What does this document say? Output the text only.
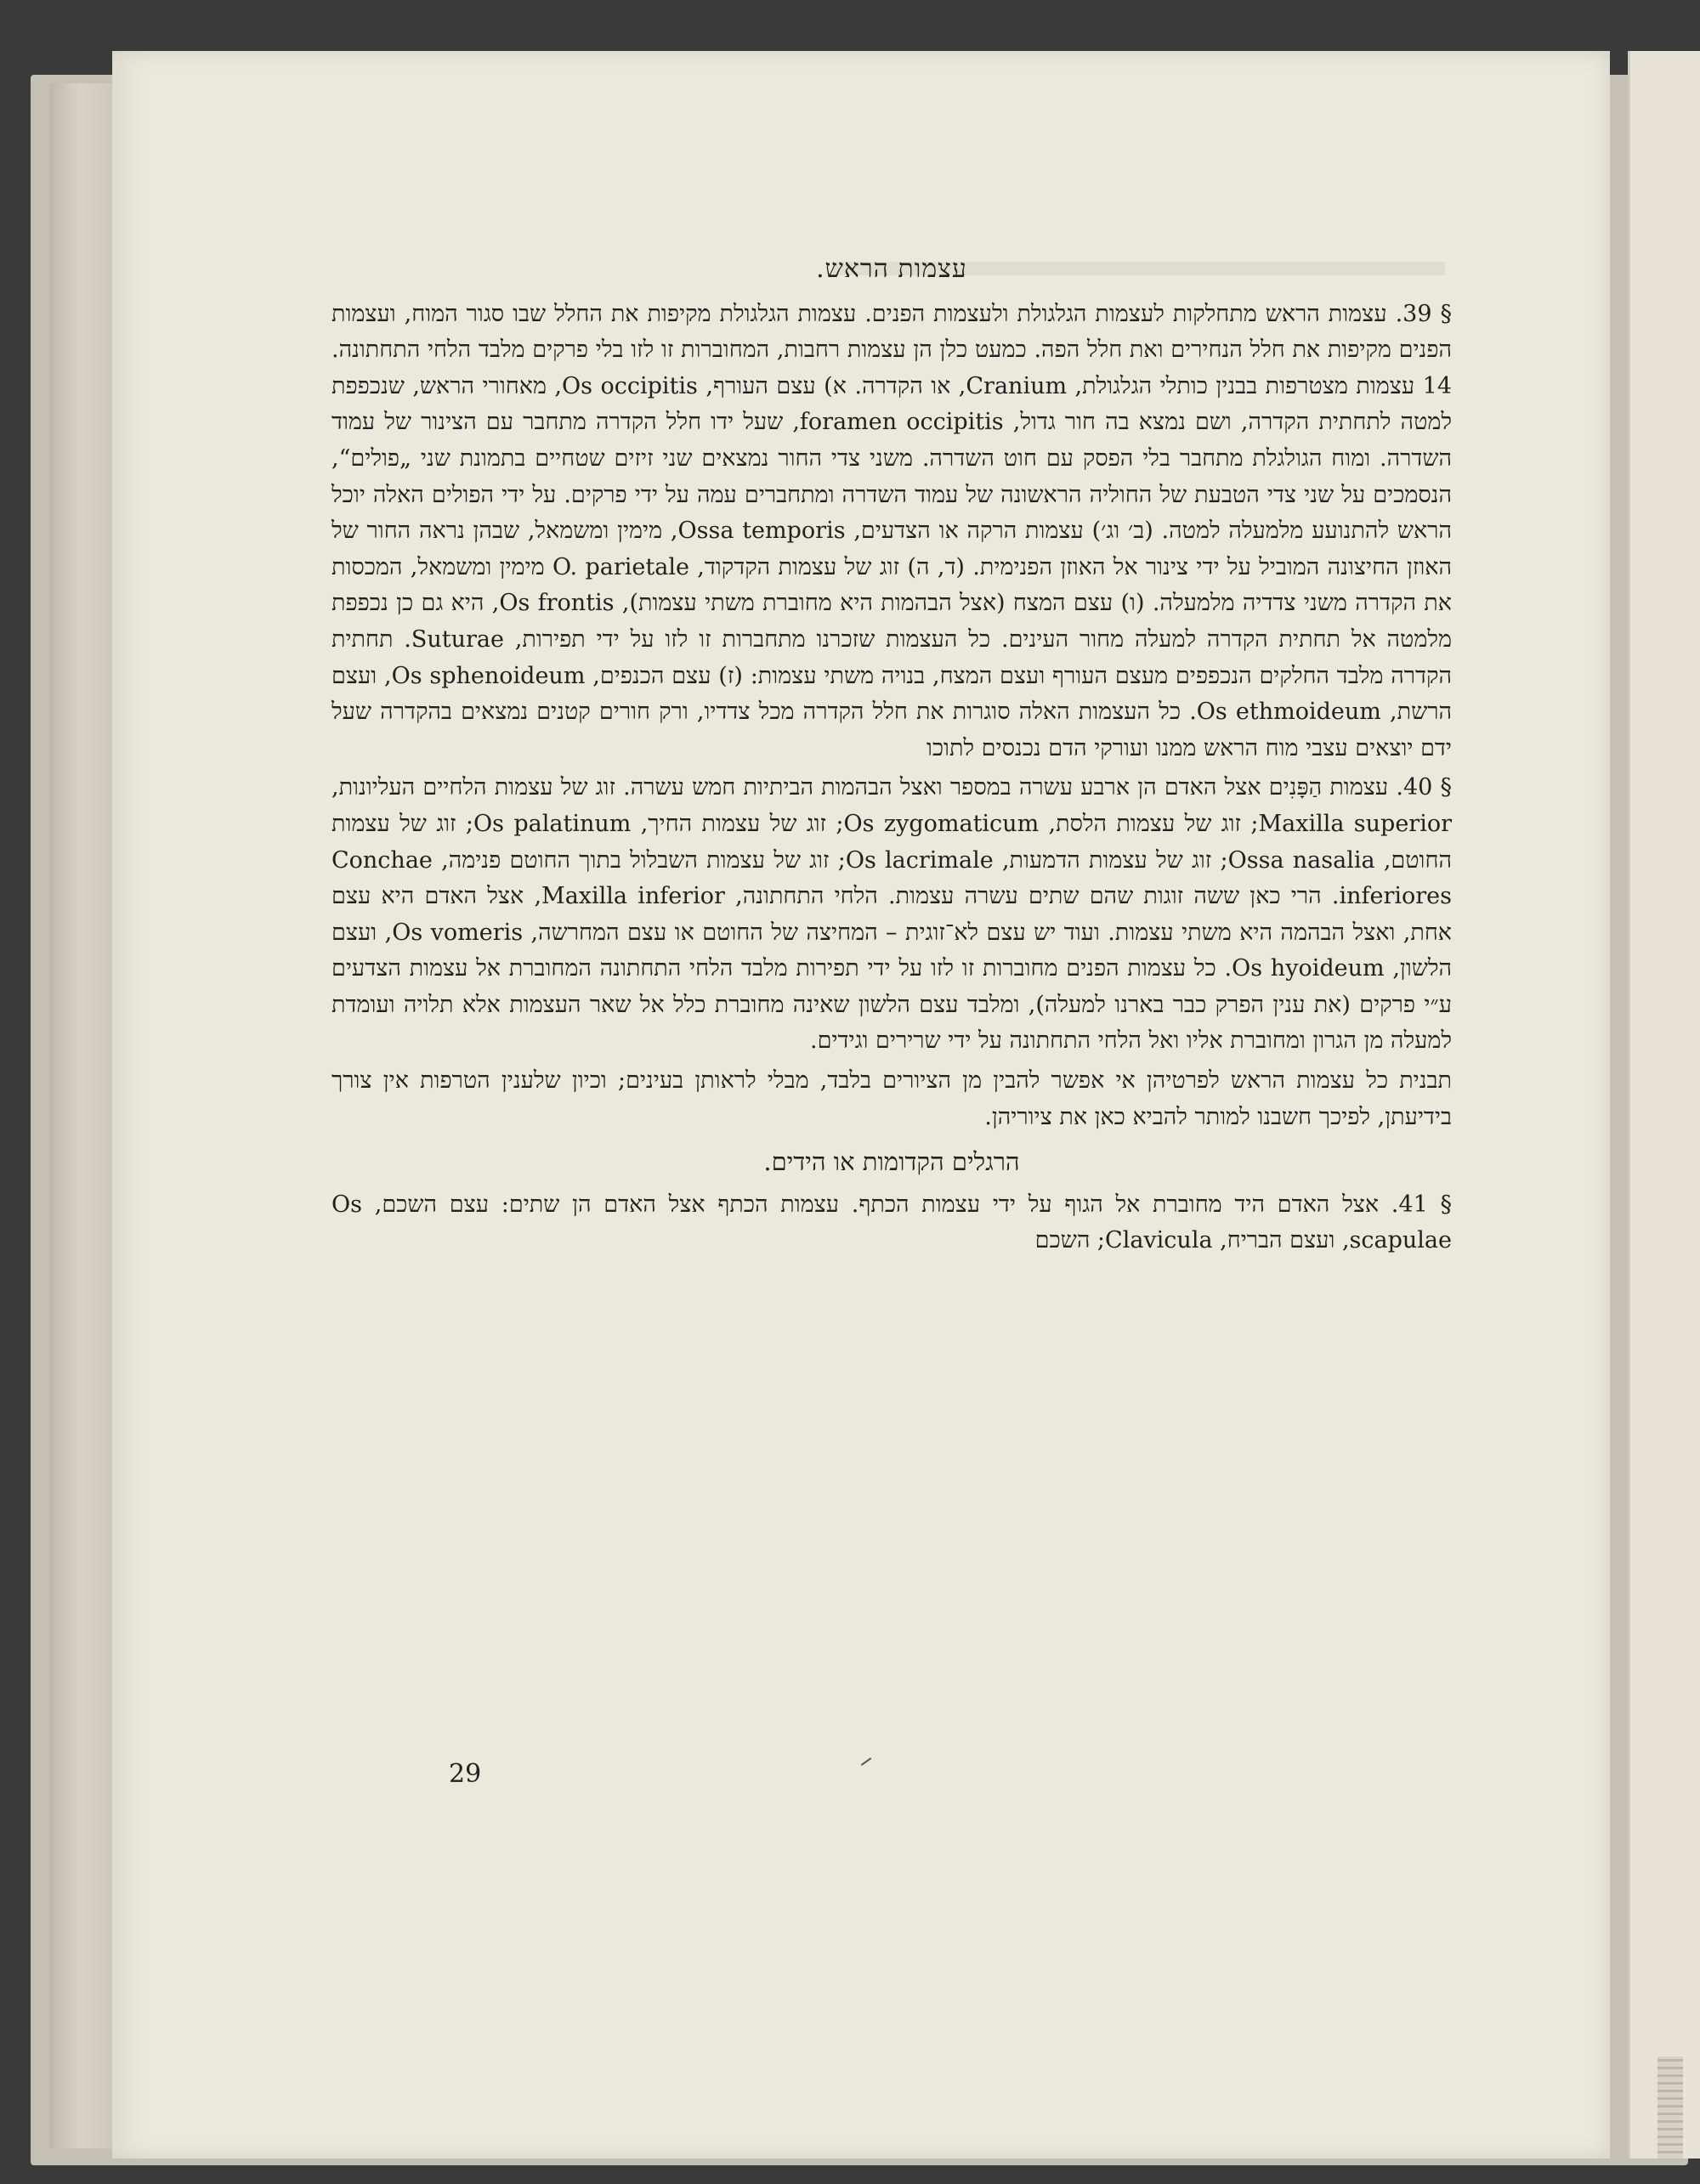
עצמות הראש.

§ 39. עצמות הראש מתחלקות לעצמות הגלגולת ולעצמות הפנים. עצמות הגלגולת מקיפות את החלל שבו סגור המוח, ועצמות הפנים מקיפות את חלל הנחירים ואת חלל הפה. כמעט כלן הן עצמות רחבות, המחוברות זו לזו בלי פרקים מלבד הלחי התחתונה. 14 עצמות מצטרפות בבנין כותלי הגלגולת, Cranium, או הקדרה. א) עצם העורף, Os occipitis, מאחורי הראש, שנכפפת למטה לתחתית הקדרה, ושם נמצא בה חור גדול, foramen occipitis, שעל ידו חלל הקדרה מתחבר עם הצינור של עמוד השדרה. ומוח הגולגלת מתחבר בלי הפסק עם חוט השדרה. משני צדי החור נמצאים שני זיזים שטחיים בתמונת שני „פולים“, הנסמכים על שני צדי הטבעת של החוליה הראשונה של עמוד השדרה ומתחברים עמה על ידי פרקים. על ידי הפולים האלה יוכל הראש להתנועע מלמעלה למטה. (ב׳ וג׳) עצמות הרקה או הצדעים, Ossa temporis, מימין ומשמאל, שבהן נראה החור של האוזן החיצונה המוביל על ידי צינור אל האוזן הפנימית. (ד, ה) זוג של עצמות הקדקוד, O. parietale מימין ומשמאל, המכסות את הקדרה משני צדדיה מלמעלה. (ו) עצם המצח (אצל הבהמות היא מחוברת משתי עצמות), Os frontis, היא גם כן נכפפת מלמטה אל תחתית הקדרה למעלה מחור העינים. כל העצמות שזכרנו מתחברות זו לזו על ידי תפירות, Suturae. תחתית הקדרה מלבד החלקים הנכפפים מעצם העורף ועצם המצח, בנויה משתי עצמות: (ז) עצם הכנפים, Os sphenoideum, ועצם הרשת, Os ethmoideum. כל העצמות האלה סוגרות את חלל הקדרה מכל צדדיו, ורק חורים קטנים נמצאים בהקדרה שעל ידם יוצאים עצבי מוח הראש ממנו ועורקי הדם נכנסים לתוכו

§ 40. עצמות הַפָּנִים אצל האדם הן ארבע עשרה במספר ואצל הבהמות הביתיות חמש עשרה. זוג של עצמות הלחיים העליונות, Maxilla superior; זוג של עצמות הלסת, Os zygomaticum; זוג של עצמות החיך, Os palatinum; זוג של עצמות החוטם, Ossa nasalia; זוג של עצמות הדמעות, Os lacrimale; זוג של עצמות השבלול בתוך החוטם פנימה, Conchae inferiores. הרי כאן ששה זוגות שהם שתים עשרה עצמות. הלחי התחתונה, Maxilla inferior, אצל האדם היא עצם אחת, ואצל הבהמה היא משתי עצמות. ועוד יש עצם לא־זוגית – המחיצה של החוטם או עצם המחרשה, Os vomeris, ועצם הלשון, Os hyoideum. כל עצמות הפנים מחוברות זו לזו על ידי תפירות מלבד הלחי התחתונה המחוברת אל עצמות הצדעים ע״י פרקים (את ענין הפרק כבר בארנו למעלה), ומלבד עצם הלשון שאינה מחוברת כלל אל שאר העצמות אלא תלויה ועומדת למעלה מן הגרון ומחוברת אליו ואל הלחי התחתונה על ידי שרירים וגידים.

תבנית כל עצמות הראש לפרטיהן אי אפשר להבין מן הציורים בלבד, מבלי לראותן בעינים; וכיון שלענין הטרפות אין צורך בידיעתן, לפיכך חשבנו למותר להביא כאן את ציוריהן.

הרגלים הקדומות או הידים.

§ 41. אצל האדם היד מחוברת אל הגוף על ידי עצמות הכתף. עצמות הכתף אצל האדם הן שתים: עצם השכם, Os scapulae, ועצם הבריח, Clavicula; השכם

29
